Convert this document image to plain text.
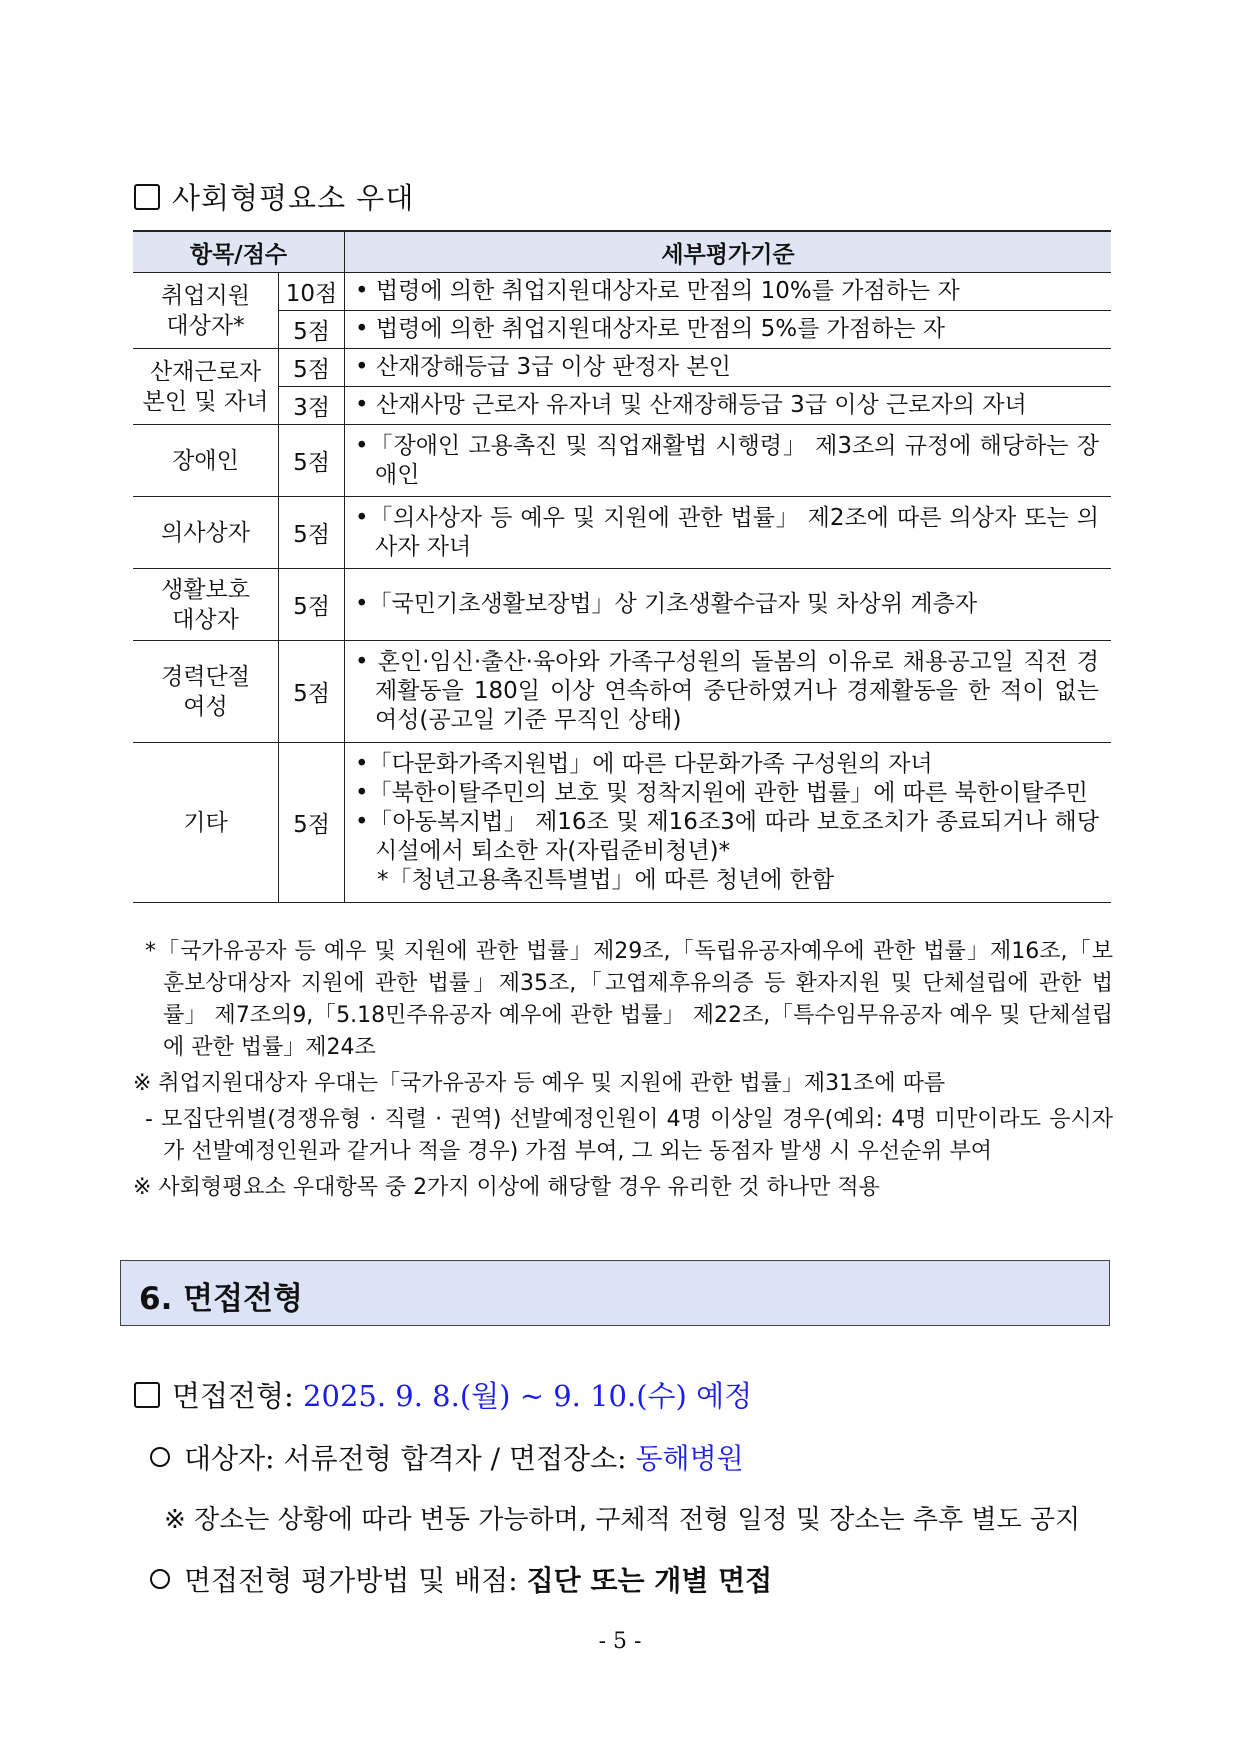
사회형평요소 우대
항목/점수		세부평가기준
취업지원
대상자*	10점	• 법령에 의한 취업지원대상자로 만점의 10%를 가점하는 자

	5점	• 법령에 의한 취업지원대상자로 만점의 5%를 가점하는 자

산재근로자
본인 및 자녀	5점	• 산재장해등급 3급 이상 판정자 본인

	3점	• 산재사망 근로자 유자녀 및 산재장해등급 3급 이상 근로자의 자녀

장애인	5점	•「장애인 고용촉진 및 직업재활법 시행령」 제3조의 규정에 해당하는 장애인

의사상자	5점	•「의사상자 등 예우 및 지원에 관한 법률」 제2조에 따른 의상자 또는 의사자 자녀

생활보호
대상자	5점	•「국민기초생활보장법」상 기초생활수급자 및 차상위 계층자

경력단절
여성	5점	• 혼인·임신·출산·육아와 가족구성원의 돌봄의 이유로 채용공고일 직전 경제활동을 180일 이상 연속하여 중단하였거나 경제활동을 한 적이 없는 여성(공고일 기준 무직인 상태)

기타	5점	•「다문화가족지원법」에 따른 다문화가족 구성원의 자녀
•「북한이탈주민의 보호 및 정착지원에 관한 법률」에 따른 북한이탈주민
•「아동복지법」 제16조 및 제16조3에 따라 보호조치가 종료되거나 해당 시설에서 퇴소한 자(자립준비청년)*
*「청년고용촉진특별법」에 따른 청년에 한함
*「국가유공자 등 예우 및 지원에 관한 법률」제29조,「독립유공자예우에 관한 법률」제16조,「보훈보상대상자 지원에 관한 법률」제35조,「고엽제후유의증 등 환자지원 및 단체설립에 관한 법률」 제7조의9,「5.18민주유공자 예우에 관한 법률」 제22조,「특수임무유공자 예우 및 단체설립에 관한 법률」제24조
※ 취업지원대상자 우대는「국가유공자 등 예우 및 지원에 관한 법률」제31조에 따름
- 모집단위별(경쟁유형 · 직렬 · 권역) 선발예정인원이 4명 이상일 경우(예외: 4명 미만이라도 응시자가 선발예정인원과 같거나 적을 경우) 가점 부여, 그 외는 동점자 발생 시 우선순위 부여
※ 사회형평요소 우대항목 중 2가지 이상에 해당할 경우 유리한 것 하나만 적용
6. 면접전형
면접전형: 2025. 9. 8.(월) ~ 9. 10.(수) 예정
대상자: 서류전형 합격자 / 면접장소: 동해병원
※ 장소는 상황에 따라 변동 가능하며, 구체적 전형 일정 및 장소는 추후 별도 공지
면접전형 평가방법 및 배점: 집단 또는 개별 면접
- 5 -
